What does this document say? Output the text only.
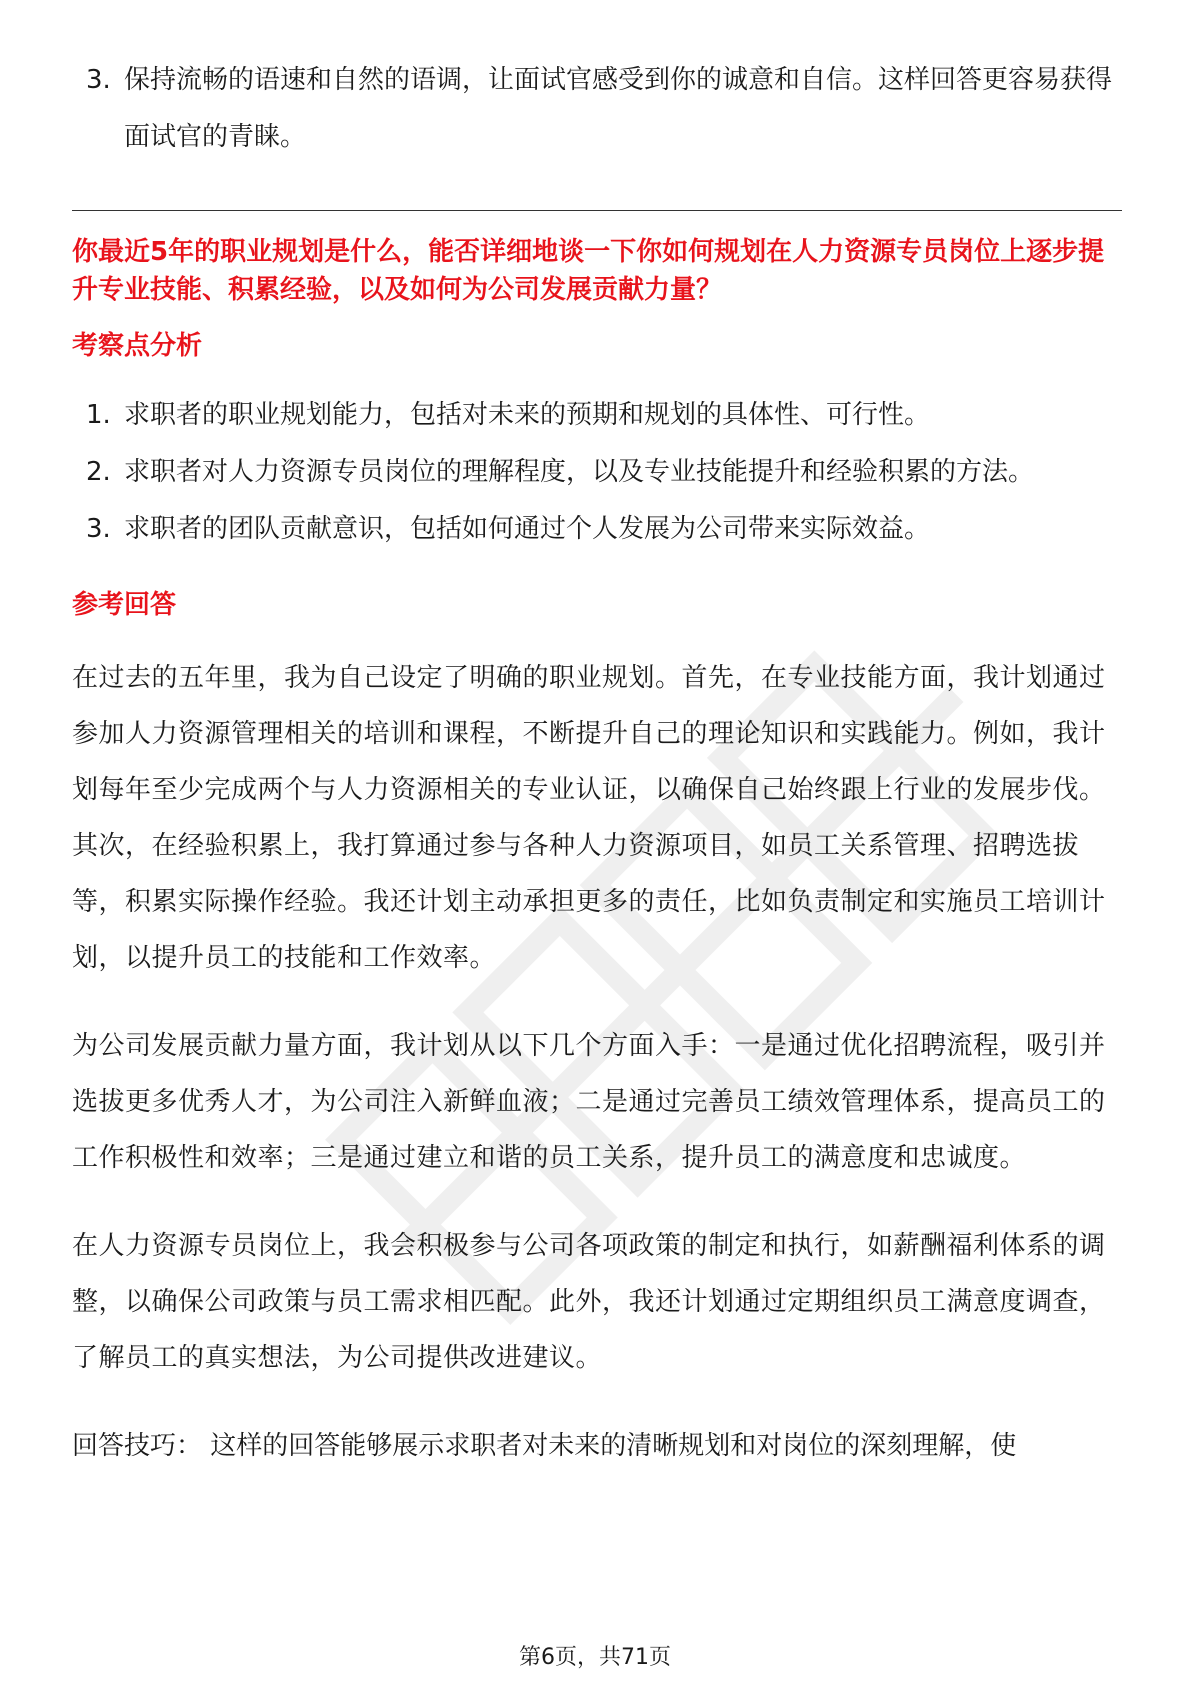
3. 保持流畅的语速和自然的语调，让面试官感受到你的诚意和自信。这样回答更容易获得面试官的青睐。

你最近5年的职业规划是什么，能否详细地谈一下你如何规划在人力资源专员岗位上逐步提升专业技能、积累经验，以及如何为公司发展贡献力量？

考察点分析
1. 求职者的职业规划能力，包括对未来的预期和规划的具体性、可行性。
2. 求职者对人力资源专员岗位的理解程度，以及专业技能提升和经验积累的方法。
3. 求职者的团队贡献意识，包括如何通过个人发展为公司带来实际效益。
参考回答

在过去的五年里，我为自己设定了明确的职业规划。首先，在专业技能方面，我计划通过参加人力资源管理相关的培训和课程，不断提升自己的理论知识和实践能力。例如，我计划每年至少完成两个与人力资源相关的专业认证，以确保自己始终跟上行业的发展步伐。其次，在经验积累上，我打算通过参与各种人力资源项目，如员工关系管理、招聘选拔等，积累实际操作经验。我还计划主动承担更多的责任，比如负责制定和实施员工培训计划，以提升员工的技能和工作效率。

为公司发展贡献力量方面，我计划从以下几个方面入手：一是通过优化招聘流程，吸引并选拔更多优秀人才，为公司注入新鲜血液；二是通过完善员工绩效管理体系，提高员工的工作积极性和效率；三是通过建立和谐的员工关系，提升员工的满意度和忠诚度。

在人力资源专员岗位上，我会积极参与公司各项政策的制定和执行，如薪酬福利体系的调整，以确保公司政策与员工需求相匹配。此外，我还计划通过定期组织员工满意度调查，了解员工的真实想法，为公司提供改进建议。

回答技巧： 这样的回答能够展示求职者对未来的清晰规划和对岗位的深刻理解，使

第6页，共71页
